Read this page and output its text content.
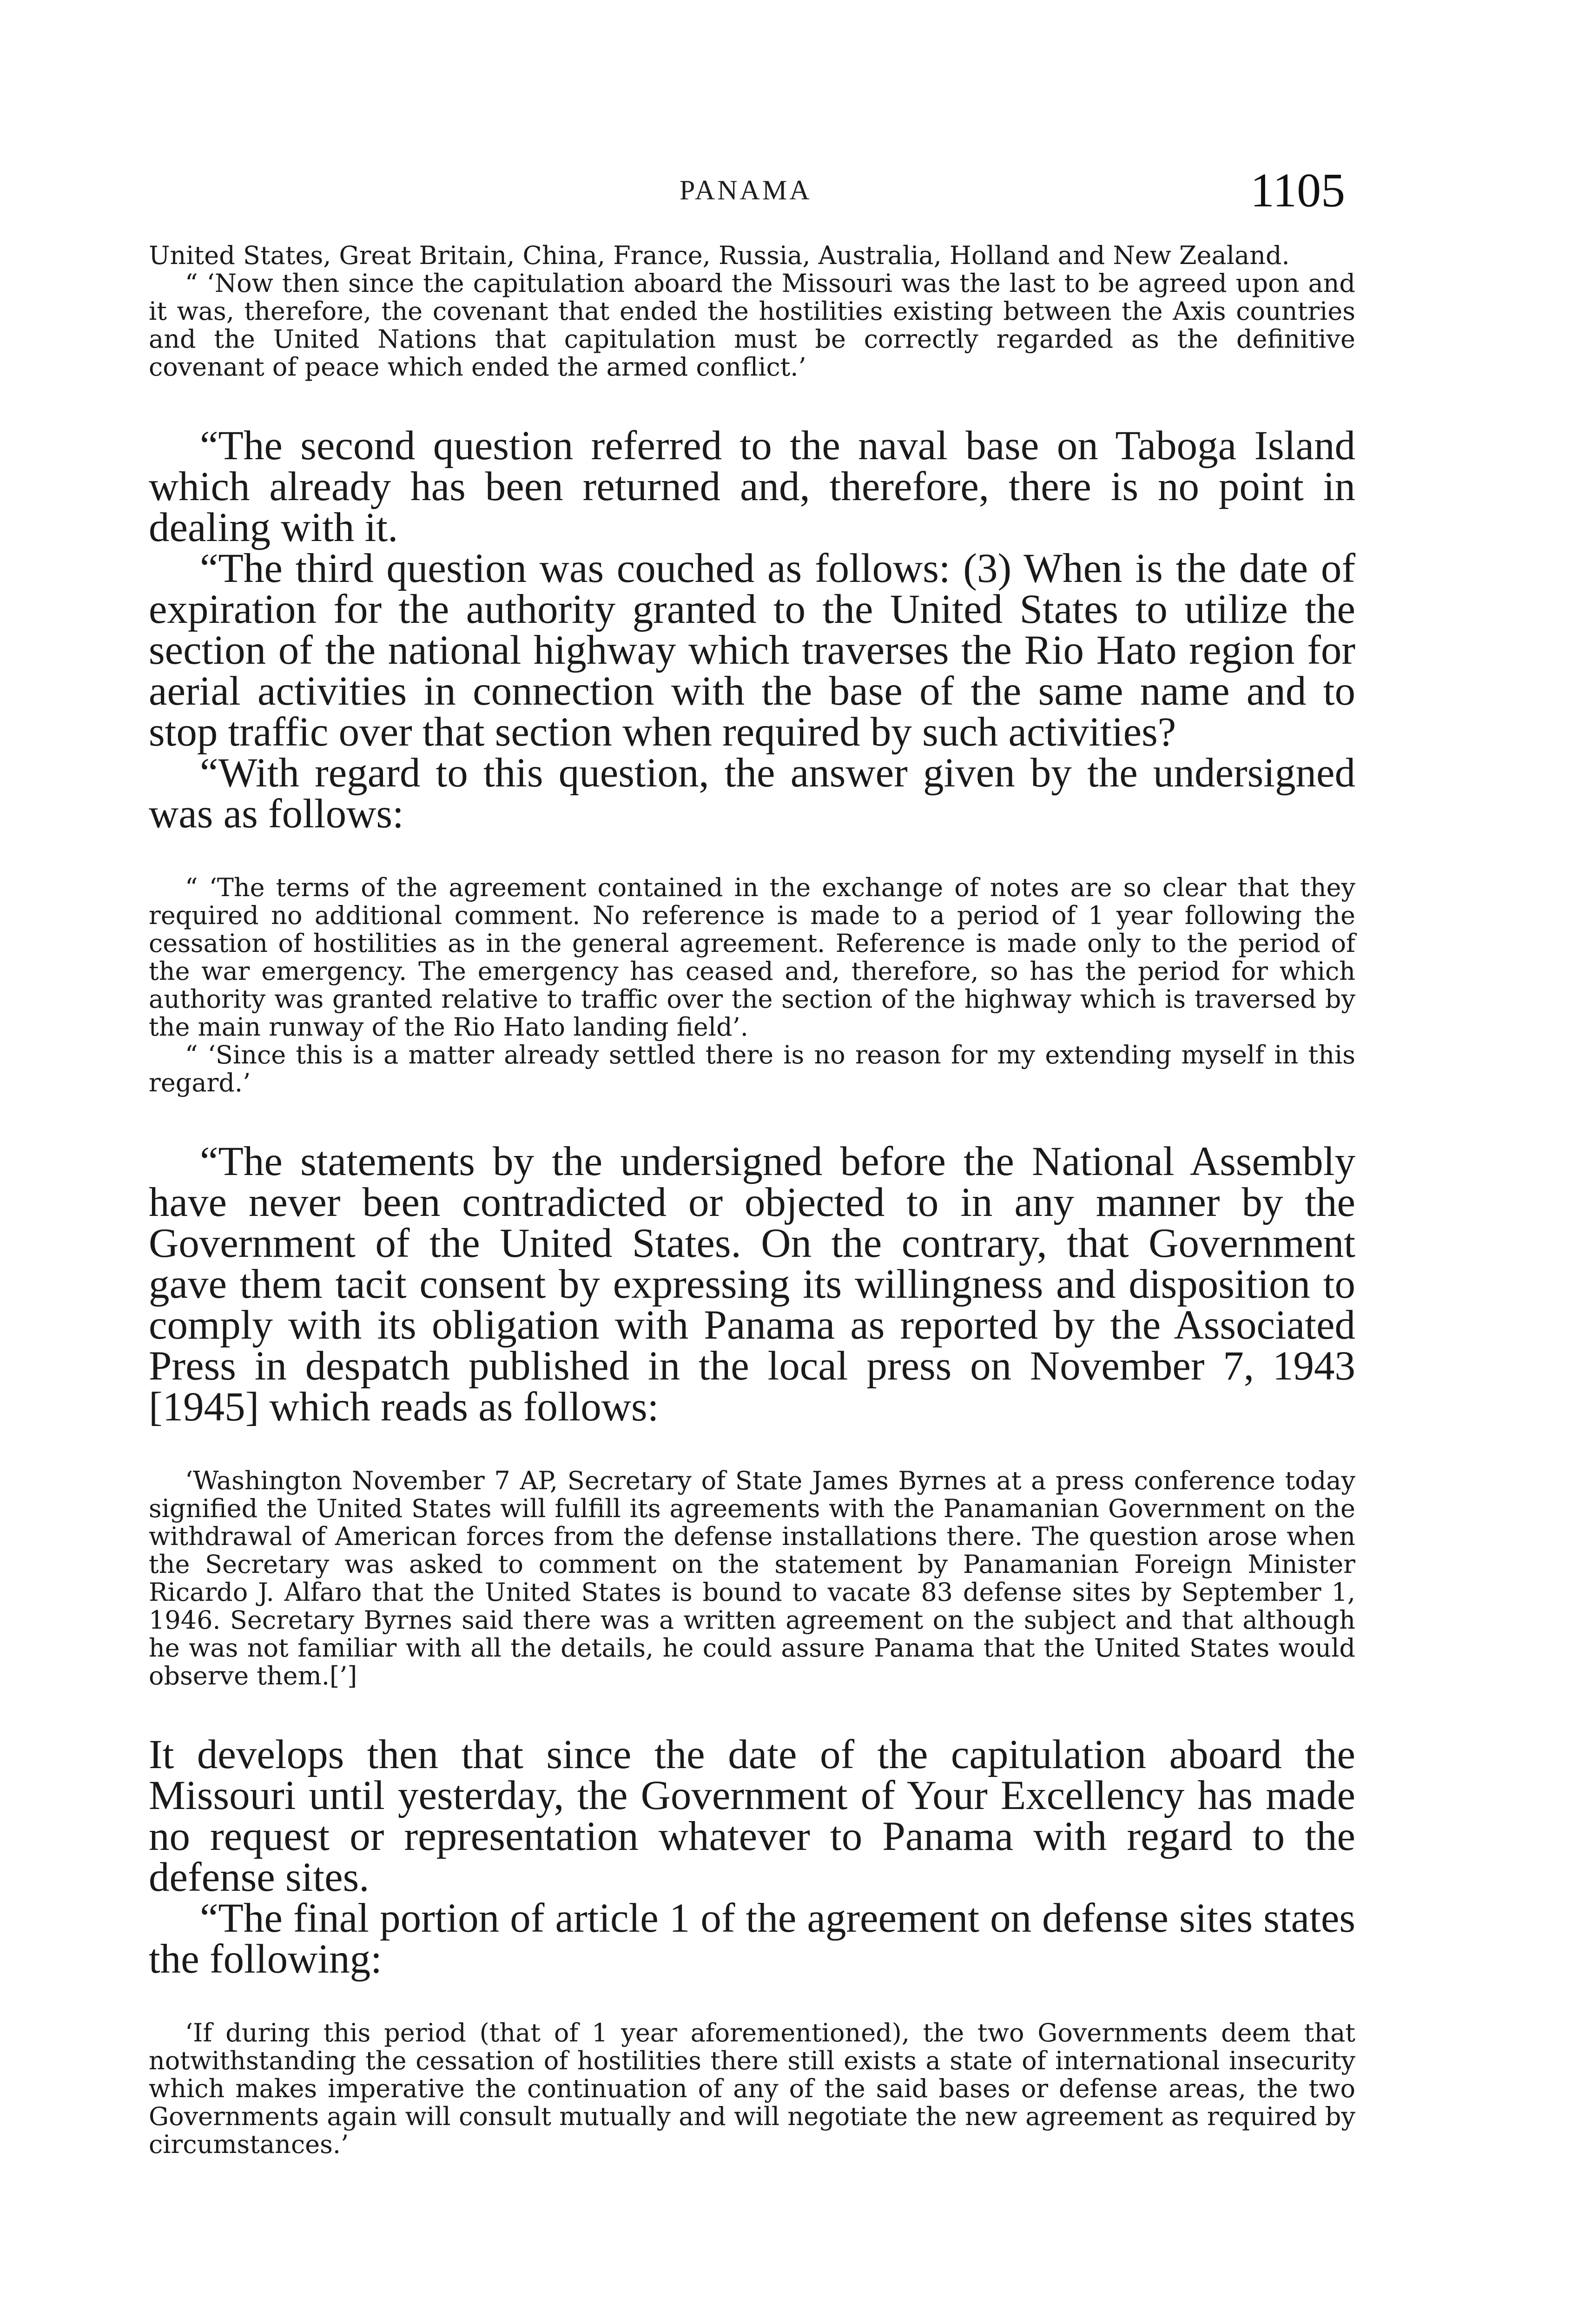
PANAMA	1105

United States, Great Britain, China, France, Russia, Australia, Holland and New Zealand.

“ ‘Now then since the capitulation aboard the Missouri was the last to be agreed upon and it was, therefore, the covenant that ended the hostilities existing between the Axis countries and the United Nations that capitulation must be correctly regarded as the definitive covenant of peace which ended the armed conflict.’

“The second question referred to the naval base on Taboga Island which already has been returned and, therefore, there is no point in dealing with it.

“The third question was couched as follows: (3) When is the date of expiration for the authority granted to the United States to utilize the section of the national highway which traverses the Rio Hato region for aerial activities in connection with the base of the same name and to stop traffic over that section when required by such activities?

“With regard to this question, the answer given by the undersigned was as follows:

“ ‘The terms of the agreement contained in the exchange of notes are so clear that they required no additional comment. No reference is made to a period of 1 year following the cessation of hostilities as in the general agreement. Reference is made only to the period of the war emergency. The emergency has ceased and, therefore, so has the period for which authority was granted relative to traffic over the section of the highway which is traversed by the main runway of the Rio Hato landing field’.

“ ‘Since this is a matter already settled there is no reason for my extending myself in this regard.’

“The statements by the undersigned before the National Assembly have never been contradicted or objected to in any manner by the Government of the United States. On the contrary, that Government gave them tacit consent by expressing its willingness and disposition to comply with its obligation with Panama as reported by the Associated Press in despatch published in the local press on November 7, 1943 [1945] which reads as follows:

‘Washington November 7 AP, Secretary of State James Byrnes at a press conference today signified the United States will fulfill its agreements with the Panamanian Government on the withdrawal of American forces from the defense installations there. The question arose when the Secretary was asked to comment on the statement by Panamanian Foreign Minister Ricardo J. Alfaro that the United States is bound to vacate 83 defense sites by September 1, 1946. Secretary Byrnes said there was a written agreement on the subject and that although he was not familiar with all the details, he could assure Panama that the United States would observe them.[’]

It develops then that since the date of the capitulation aboard the Missouri until yesterday, the Government of Your Excellency has made no request or representation whatever to Panama with regard to the defense sites.

“The final portion of article 1 of the agreement on defense sites states the following:

‘If during this period (that of 1 year aforementioned), the two Governments deem that notwithstanding the cessation of hostilities there still exists a state of international insecurity which makes imperative the continuation of any of the said bases or defense areas, the two Governments again will consult mutually and will negotiate the new agreement as required by circumstances.’
